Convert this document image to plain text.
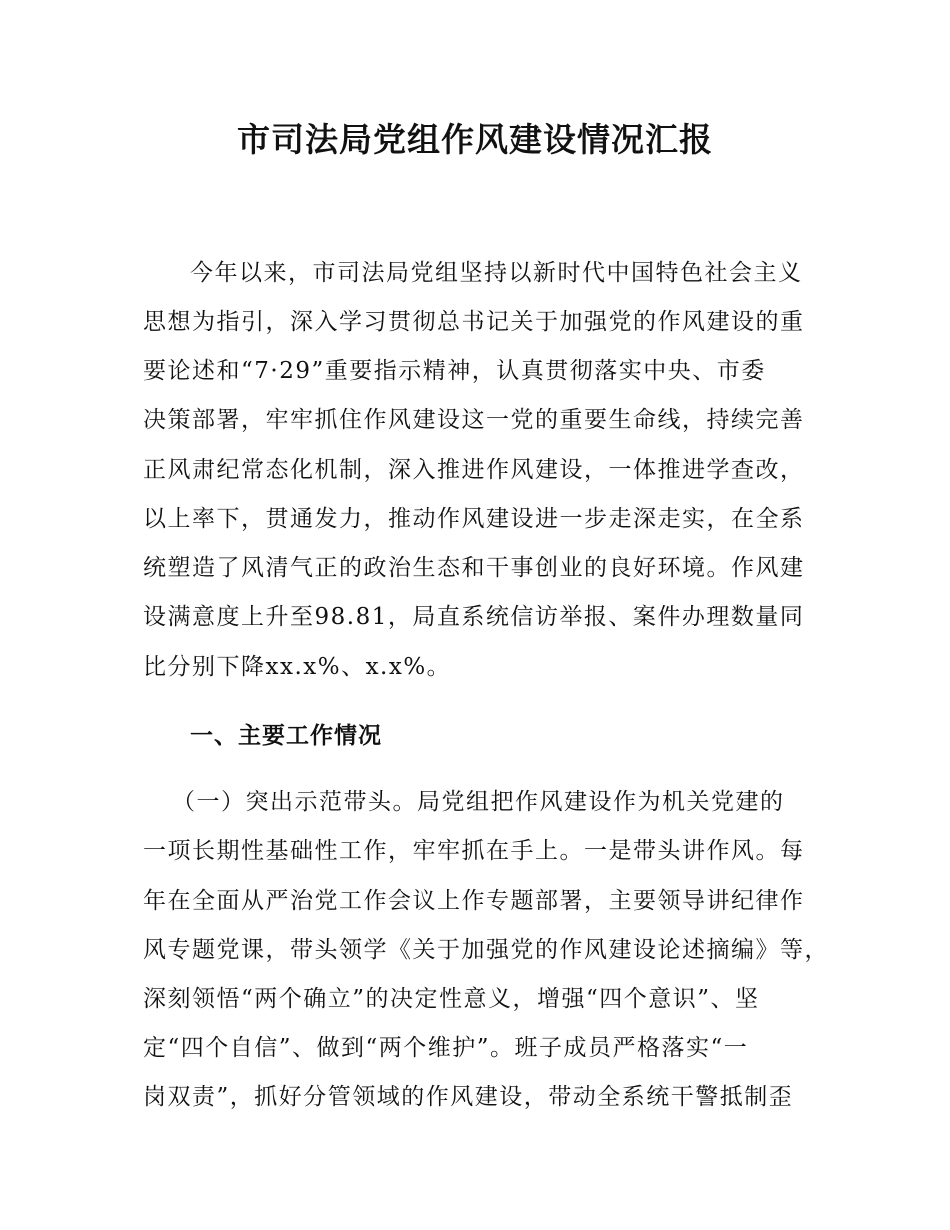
市司法局党组作风建设情况汇报

今年以来，市司法局党组坚持以新时代中国特色社会主义

思想为指引，深入学习贯彻总书记关于加强党的作风建设的重

要论述和“7·29”重要指示精神，认真贯彻落实中央、市委

决策部署，牢牢抓住作风建设这一党的重要生命线，持续完善

正风肃纪常态化机制，深入推进作风建设，一体推进学查改，

以上率下，贯通发力，推动作风建设进一步走深走实，在全系

统塑造了风清气正的政治生态和干事创业的良好环境。作风建

设满意度上升至98.81，局直系统信访举报、案件办理数量同

比分别下降xx.x%、x.x%。

一、主要工作情况

（一）突出示范带头。局党组把作风建设作为机关党建的

一项长期性基础性工作，牢牢抓在手上。一是带头讲作风。每

年在全面从严治党工作会议上作专题部署，主要领导讲纪律作

风专题党课，带头领学《关于加强党的作风建设论述摘编》等，

深刻领悟“两个确立”的决定性意义，增强“四个意识”、坚

定“四个自信”、做到“两个维护”。班子成员严格落实“一

岗双责”，抓好分管领域的作风建设，带动全系统干警抵制歪
